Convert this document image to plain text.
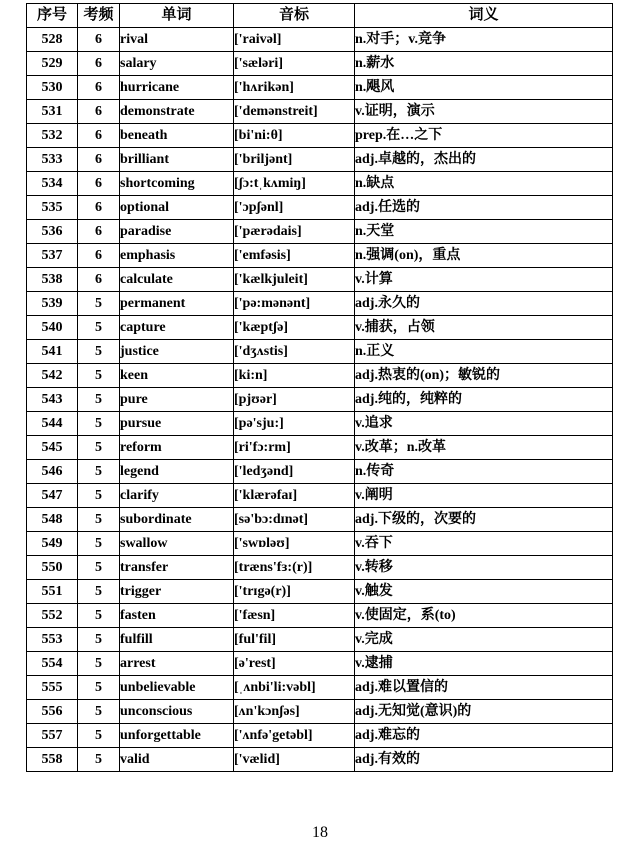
序号	考频	单词	音标	词义
528	6	rival	['raivəl]	n.对手；v.竞争
529	6	salary	['sæləri]	n.薪水
530	6	hurricane	['hʌrikən]	n.飓风
531	6	demonstrate	['demənstreit]	v.证明，演示
532	6	beneath	[bi'ni:θ]	prep.在…之下
533	6	brilliant	['briljənt]	adj.卓越的，杰出的
534	6	shortcoming	[ʃɔ:tˌkʌmiŋ]	n.缺点
535	6	optional	['ɔpʃənl]	adj.任选的
536	6	paradise	['pærədais]	n.天堂
537	6	emphasis	['emfəsis]	n.强调(on)，重点
538	6	calculate	['kælkjuleit]	v.计算
539	5	permanent	['pə:mənənt]	adj.永久的
540	5	capture	['kæptʃə]	v.捕获，占领
541	5	justice	['dʒʌstis]	n.正义
542	5	keen	[ki:n]	adj.热衷的(on)；敏锐的
543	5	pure	[pjʊər]	adj.纯的，纯粹的
544	5	pursue	[pə'sju:]	v.追求
545	5	reform	[ri'fɔ:rm]	v.改革；n.改革
546	5	legend	['ledʒənd]	n.传奇
547	5	clarify	['klærəfaɪ]	v.阐明
548	5	subordinate	[sə'bɔ:dɪnət]	adj.下级的，次要的
549	5	swallow	['swɒləʊ]	v.吞下
550	5	transfer	[træns'fɜ:(r)]	v.转移
551	5	trigger	['trɪgə(r)]	v.触发
552	5	fasten	['fæsn]	v.使固定，系(to)
553	5	fulfill	[ful'fil]	v.完成
554	5	arrest	[ə'rest]	v.逮捕
555	5	unbelievable	[ˌʌnbi'li:vəbl]	adj.难以置信的
556	5	unconscious	[ʌn'kɔnʃəs]	adj.无知觉(意识)的
557	5	unforgettable	['ʌnfə'getəbl]	adj.难忘的
558	5	valid	['vælid]	adj.有效的
18
